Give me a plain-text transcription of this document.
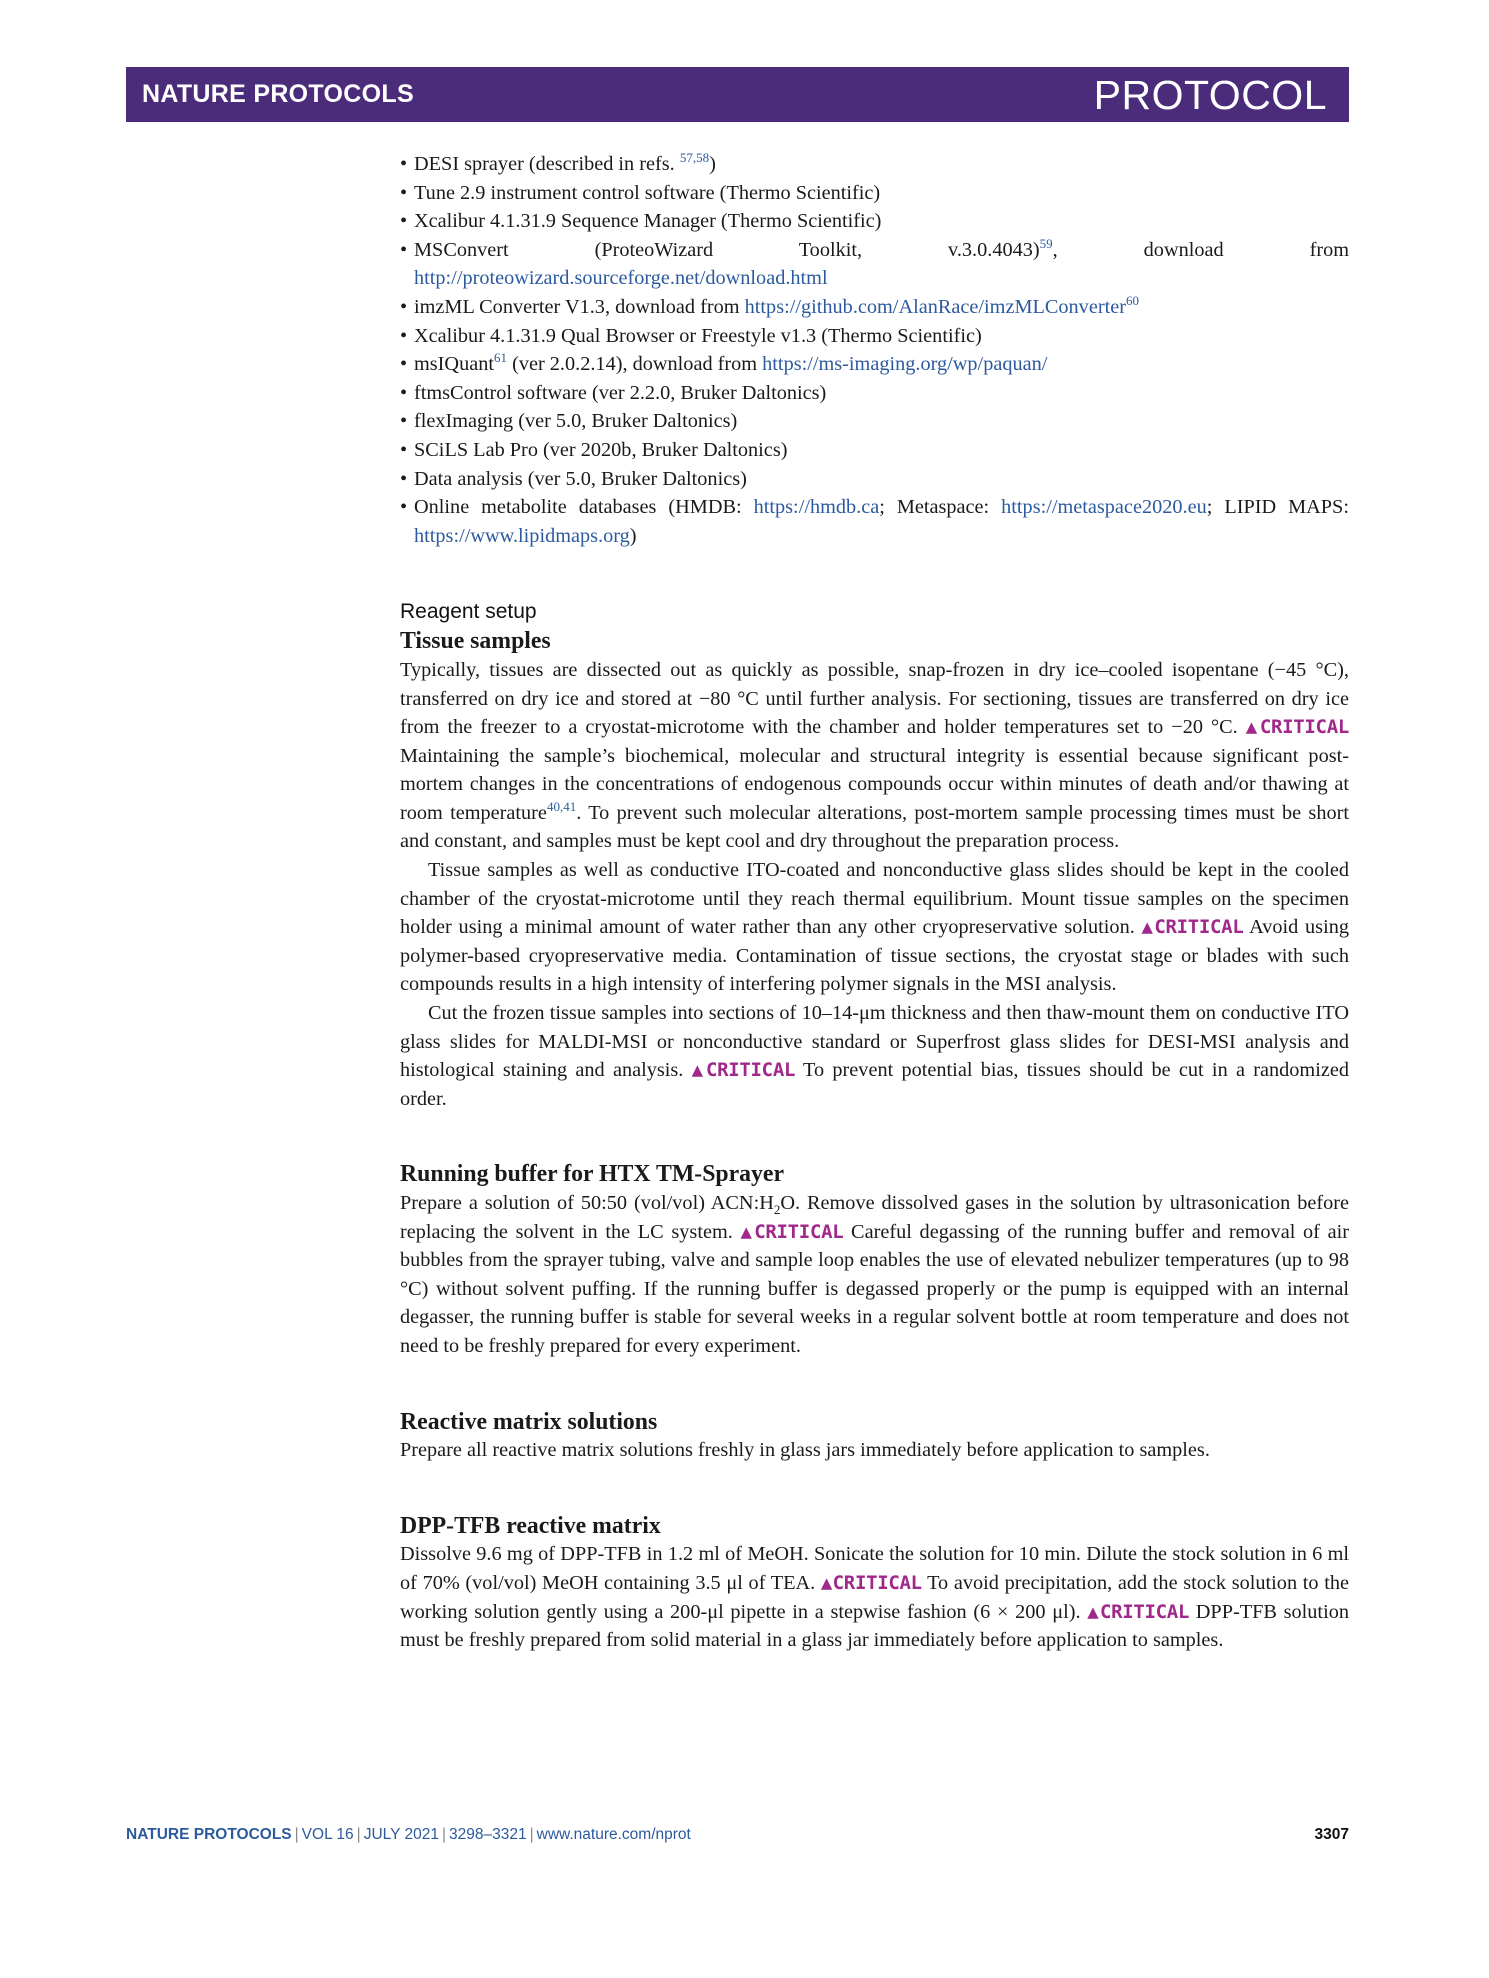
NATURE PROTOCOLS	PROTOCOL
• DESI sprayer (described in refs. $^{57,58}$)
• Tune 2.9 instrument control software (Thermo Scientific)
• Xcalibur 4.1.31.9 Sequence Manager (Thermo Scientific)
• MSConvert (ProteoWizard Toolkit, v.3.0.4043)$^{59}$, download from http://proteowizard.sourceforge.net/download.html
• imzML Converter V1.3, download from https://github.com/AlanRace/imzMLConverter$^{60}$
• Xcalibur 4.1.31.9 Qual Browser or Freestyle v1.3 (Thermo Scientific)
• msIQuant$^{61}$ (ver 2.0.2.14), download from https://ms-imaging.org/wp/paquan/
• ftmsControl software (ver 2.2.0, Bruker Daltonics)
• flexImaging (ver 5.0, Bruker Daltonics)
• SCiLS Lab Pro (ver 2020b, Bruker Daltonics)
• Data analysis (ver 5.0, Bruker Daltonics)
• Online metabolite databases (HMDB: https://hmdb.ca; Metaspace: https://metaspace2020.eu; LIPID MAPS: https://www.lipidmaps.org)
Reagent setup
Tissue samples

Typically, tissues are dissected out as quickly as possible, snap-frozen in dry ice–cooled isopentane (−45 °C), transferred on dry ice and stored at −80 °C until further analysis. For sectioning, tissues are transferred on dry ice from the freezer to a cryostat-microtome with the chamber and holder temperatures set to −20 °C. ▲CRITICAL Maintaining the sample’s biochemical, molecular and structural integrity is essential because significant post-mortem changes in the concentrations of endogenous compounds occur within minutes of death and/or thawing at room temperature$^{40,41}$. To prevent such molecular alterations, post-mortem sample processing times must be short and constant, and samples must be kept cool and dry throughout the preparation process.

Tissue samples as well as conductive ITO-coated and nonconductive glass slides should be kept in the cooled chamber of the cryostat-microtome until they reach thermal equilibrium. Mount tissue samples on the specimen holder using a minimal amount of water rather than any other cryopreservative solution. ▲CRITICAL Avoid using polymer-based cryopreservative media. Contamination of tissue sections, the cryostat stage or blades with such compounds results in a high intensity of interfering polymer signals in the MSI analysis.

Cut the frozen tissue samples into sections of 10–14-μm thickness and then thaw-mount them on conductive ITO glass slides for MALDI-MSI or nonconductive standard or Superfrost glass slides for DESI-MSI analysis and histological staining and analysis. ▲CRITICAL To prevent potential bias, tissues should be cut in a randomized order.

Running buffer for HTX TM-Sprayer

Prepare a solution of 50:50 (vol/vol) $ACN:H_2O$. Remove dissolved gases in the solution by ultrasonication before replacing the solvent in the LC system. ▲CRITICAL Careful degassing of the running buffer and removal of air bubbles from the sprayer tubing, valve and sample loop enables the use of elevated nebulizer temperatures (up to 98 °C) without solvent puffing. If the running buffer is degassed properly or the pump is equipped with an internal degasser, the running buffer is stable for several weeks in a regular solvent bottle at room temperature and does not need to be freshly prepared for every experiment.

Reactive matrix solutions

Prepare all reactive matrix solutions freshly in glass jars immediately before application to samples.

DPP-TFB reactive matrix

Dissolve 9.6 mg of DPP-TFB in 1.2 ml of MeOH. Sonicate the solution for 10 min. Dilute the stock solution in 6 ml of 70% (vol/vol) MeOH containing 3.5 μl of TEA. ▲CRITICAL To avoid precipitation, add the stock solution to the working solution gently using a 200-μl pipette in a stepwise fashion (6 × 200 μl). ▲CRITICAL DPP-TFB solution must be freshly prepared from solid material in a glass jar immediately before application to samples.

NATURE PROTOCOLS | VOL 16 | JULY 2021 | 3298–3321 | www.nature.com/nprot	3307
